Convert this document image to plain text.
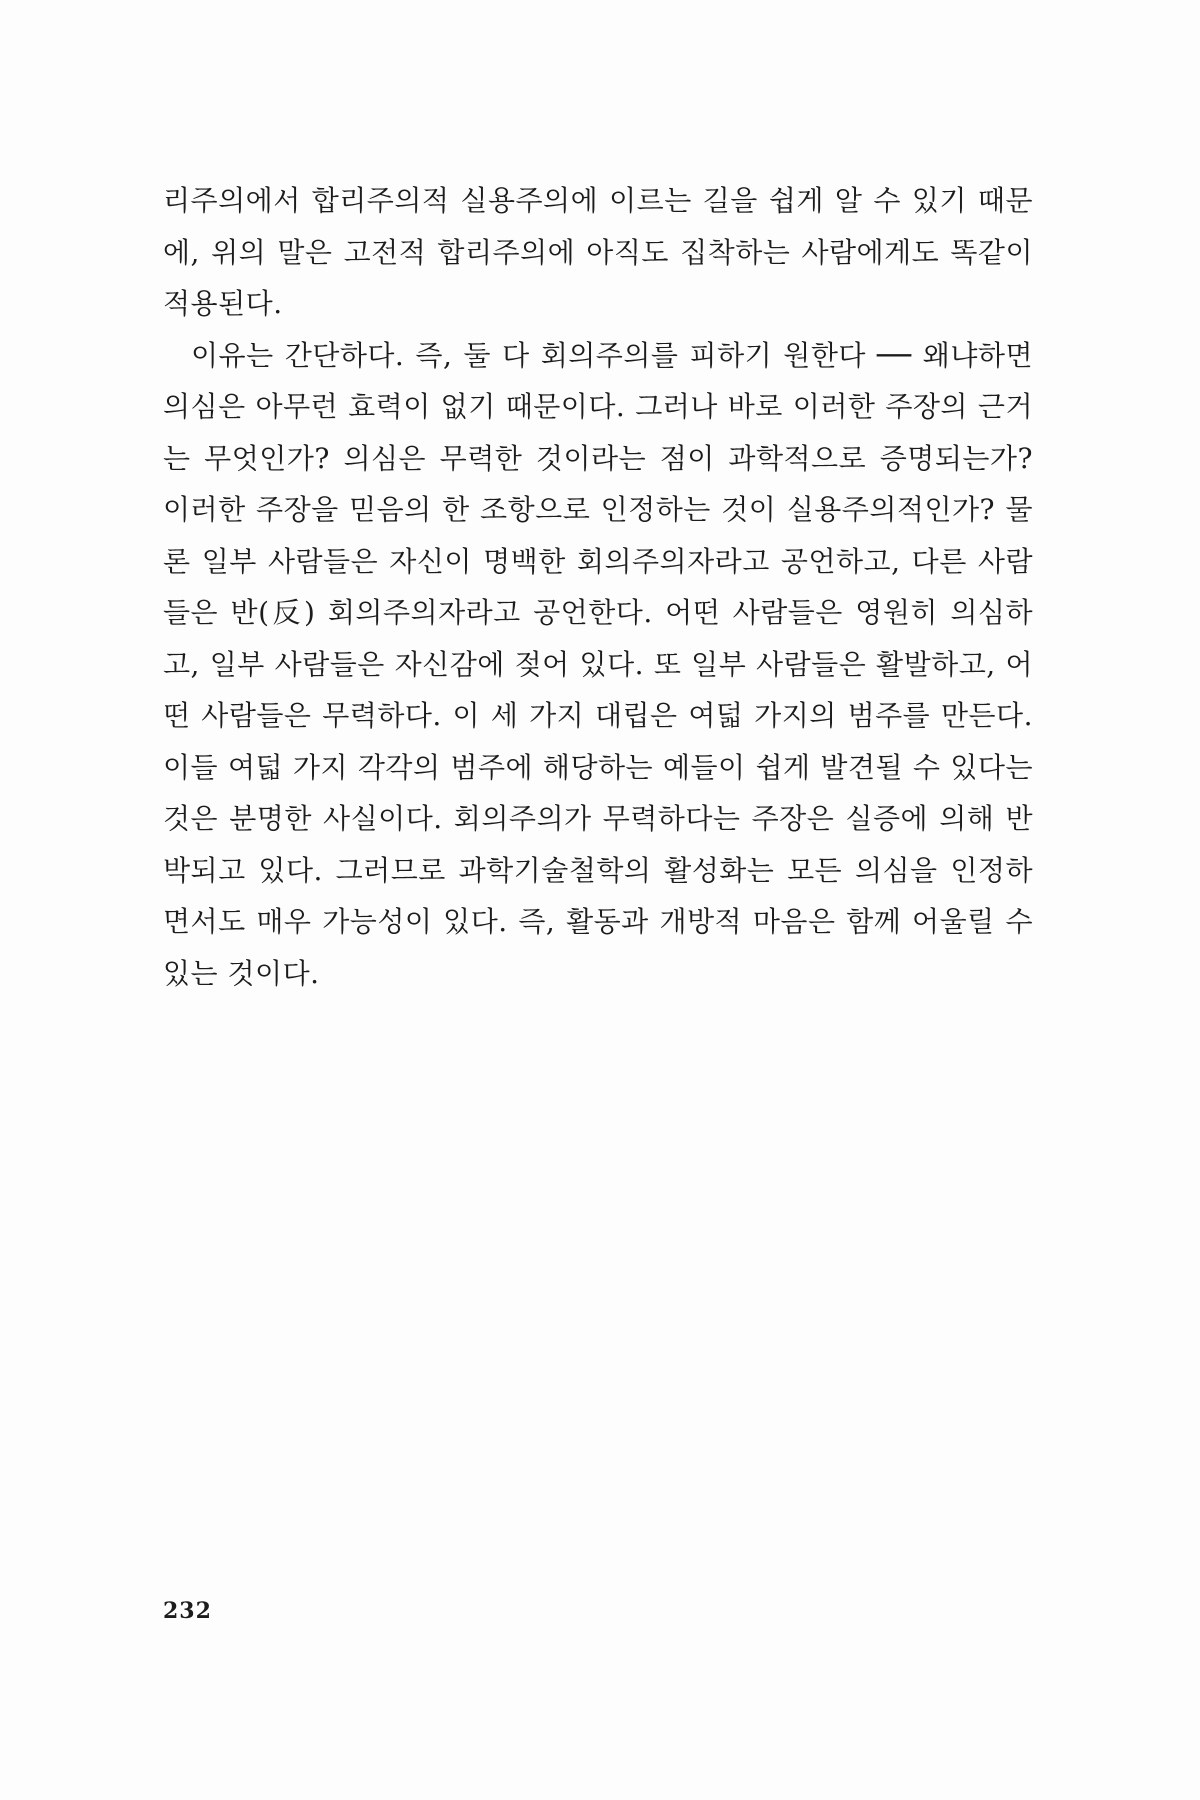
리주의에서 합리주의적 실용주의에 이르는 길을 쉽게 알 수 있기 때문에, 위의 말은 고전적 합리주의에 아직도 집착하는 사람에게도 똑같이 적용된다.

이유는 간단하다. 즉, 둘 다 회의주의를 피하기 원한다 ── 왜냐하면 의심은 아무런 효력이 없기 때문이다. 그러나 바로 이러한 주장의 근거는 무엇인가? 의심은 무력한 것이라는 점이 과학적으로 증명되는가? 이러한 주장을 믿음의 한 조항으로 인정하는 것이 실용주의적인가? 물론 일부 사람들은 자신이 명백한 회의주의자라고 공언하고, 다른 사람들은 반(反) 회의주의자라고 공언한다. 어떤 사람들은 영원히 의심하고, 일부 사람들은 자신감에 젖어 있다. 또 일부 사람들은 활발하고, 어떤 사람들은 무력하다. 이 세 가지 대립은 여덟 가지의 범주를 만든다. 이들 여덟 가지 각각의 범주에 해당하는 예들이 쉽게 발견될 수 있다는 것은 분명한 사실이다. 회의주의가 무력하다는 주장은 실증에 의해 반박되고 있다. 그러므로 과학기술철학의 활성화는 모든 의심을 인정하면서도 매우 가능성이 있다. 즉, 활동과 개방적 마음은 함께 어울릴 수 있는 것이다.

232
